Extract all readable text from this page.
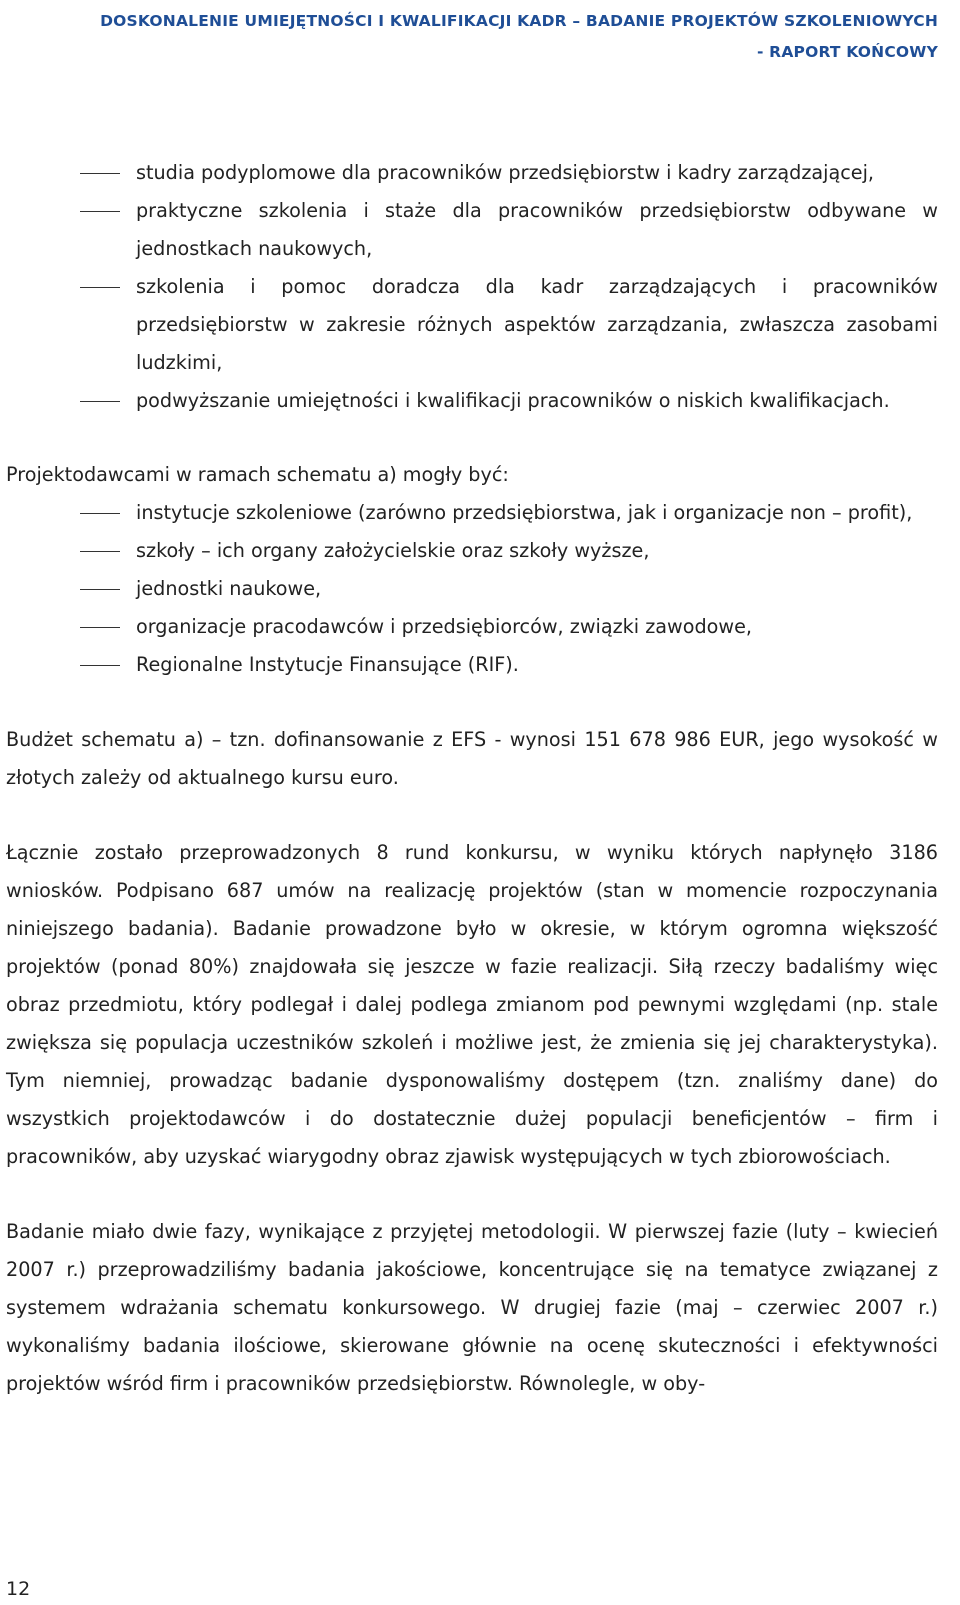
DOSKONALENIE UMIEJĘTNOŚCI I KWALIFIKACJI KADR – BADANIE PROJEKTÓW SZKOLENIOWYCH
- RAPORT KOŃCOWY
studia podyplomowe dla pracowników przedsiębiorstw i kadry zarządzającej,
praktyczne szkolenia i staże dla pracowników przedsiębiorstw odbywane w jednostkach naukowych,
szkolenia i pomoc doradcza dla kadr zarządzających i pracowników przedsiębiorstw w zakresie różnych aspektów zarządzania, zwłaszcza zasobami ludzkimi,
podwyższanie umiejętności i kwalifikacji pracowników o niskich kwalifikacjach.

Projektodawcami w ramach schematu a) mogły być:

instytucje szkoleniowe (zarówno przedsiębiorstwa, jak i organizacje non – profit),
szkoły – ich organy założycielskie oraz szkoły wyższe,
jednostki naukowe,
organizacje pracodawców i przedsiębiorców, związki zawodowe,
Regionalne Instytucje Finansujące (RIF).

Budżet schematu a) – tzn. dofinansowanie z EFS - wynosi 151 678 986 EUR, jego wysokość w złotych zależy od aktualnego kursu euro.

Łącznie zostało przeprowadzonych 8 rund konkursu, w wyniku których napłynęło 3186 wniosków. Podpisano 687 umów na realizację projektów (stan w momencie rozpoczynania niniejszego badania). Badanie prowadzone było w okresie, w którym ogromna większość projektów (ponad 80%) znajdowała się jeszcze w fazie realizacji. Siłą rzeczy badaliśmy więc obraz przedmiotu, który podlegał i dalej podlega zmianom pod pewnymi względami (np. stale zwiększa się populacja uczestników szkoleń i możliwe jest, że zmienia się jej charakterystyka). Tym niemniej, prowadząc badanie dysponowaliśmy dostępem (tzn. znaliśmy dane) do wszystkich projektodawców i do dostatecznie dużej populacji beneficjentów – firm i pracowników, aby uzyskać wiarygodny obraz zjawisk występujących w tych zbiorowościach.

Badanie miało dwie fazy, wynikające z przyjętej metodologii. W pierwszej fazie (luty – kwiecień 2007 r.) przeprowadziliśmy badania jakościowe, koncentrujące się na tematyce związanej z systemem wdrażania schematu konkursowego. W drugiej fazie (maj – czerwiec 2007 r.) wykonaliśmy badania ilościowe, skierowane głównie na ocenę skuteczności i efektywności projektów wśród firm i pracowników przedsiębiorstw. Równolegle, w oby-

12
